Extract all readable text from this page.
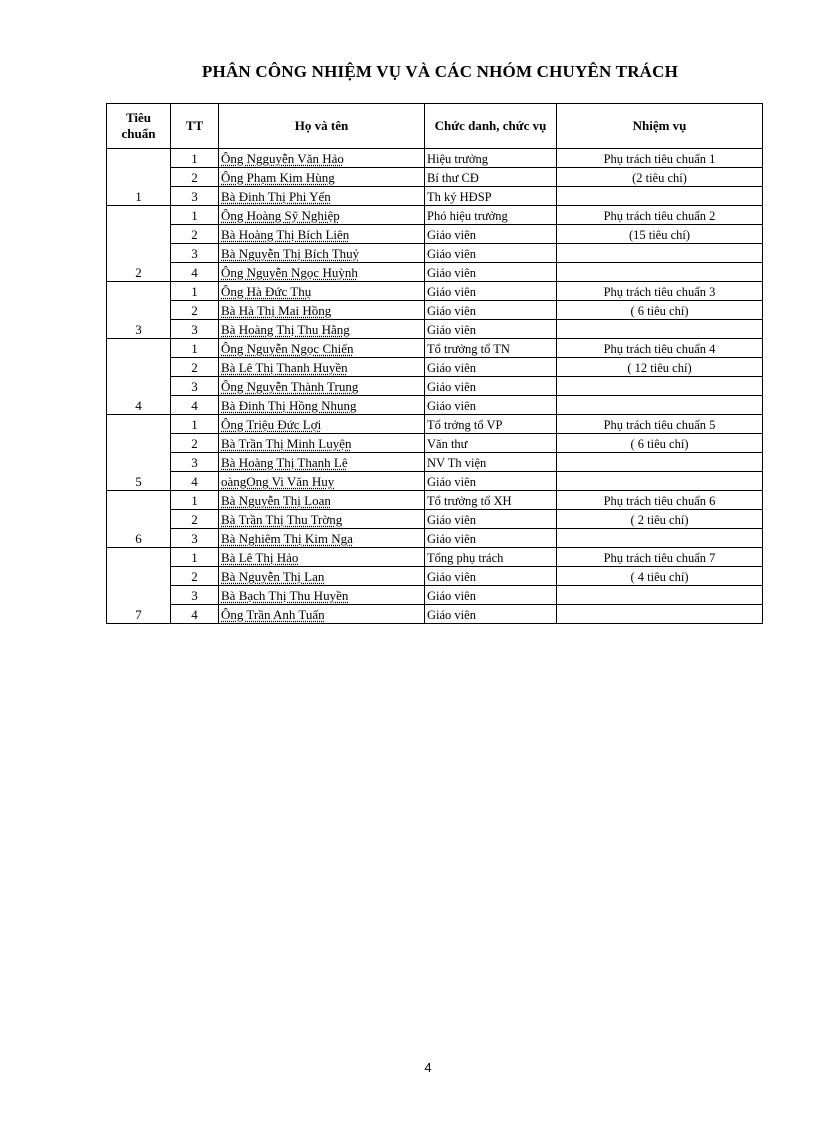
PHÂN CÔNG NHIỆM VỤ VÀ CÁC NHÓM CHUYÊN TRÁCH
Tiêu chuẩn	TT	Họ và tên	Chức danh, chức vụ	Nhiệm vụ
1	1	Ông Ngguyễn Văn Hảo	Hiệu trưởng	Phụ trách tiêu chuẩn 1
	2	Ông Phạm Kim Hùng	Bí thư CĐ	(2 tiêu chí)
	3	Bà Đinh Thị Phi Yến	Th ký HĐSP	
2	1	Ông Hoàng Sỹ Nghiệp	Phó hiệu trưởng	Phụ trách tiêu chuẩn 2
	2	Bà Hoàng Thị Bích Liên	Giáo viên	(15 tiêu chí)
	3	Bà Nguyễn Thị Bích Thuỷ	Giáo viên	
	4	Ông Nguyễn Ngọc Huỳnh	Giáo viên	
3	1	Ông Hà Đức Thụ	Giáo viên	Phụ trách tiêu chuẩn 3
	2	Bà Hà Thị Mai Hồng	Giáo viên	( 6 tiêu chí)
	3	Bà Hoàng Thị Thu Hằng	Giáo viên	
4	1	Ông Nguyễn Ngọc Chiến	Tổ trưởng tổ TN	Phụ trách tiêu chuẩn 4
	2	Bà Lê Thị Thanh Huyền	Giáo viên	( 12 tiêu chí)
	3	Ông Nguyễn Thành Trung	Giáo viên	
	4	Bà Đinh Thị Hồng Nhung	Giáo viên	
5	1	Ông Triệu Đức Lợi	Tổ trởng tổ VP	Phụ trách tiêu chuẩn 5
	2	Bà Trần Thị Minh Luyện	Văn thư	( 6 tiêu chí)
	3	Bà Hoàng Thị Thanh Lê	NV Th viện	
	4	oàngOng Vi Văn Huy	Giáo viên	
6	1	Bà Nguyễn Thị Loan	Tổ trưởng tổ XH	Phụ trách tiêu chuẩn 6
	2	Bà Trần Thị Thu Trờng	Giáo viên	( 2 tiêu chí)
	3	Bà Nghiêm Thị Kim Nga	Giáo viên	
7	1	Bà Lê Thị Hảo	Tổng phụ trách	Phụ trách tiêu chuẩn 7
	2	Bà Nguyễn Thị Lan	Giáo viên	( 4 tiêu chí)
	3	Bà Bạch Thị Thu Huyền	Giáo viên	
	4	Ông Trần Anh Tuấn	Giáo viên	
4
